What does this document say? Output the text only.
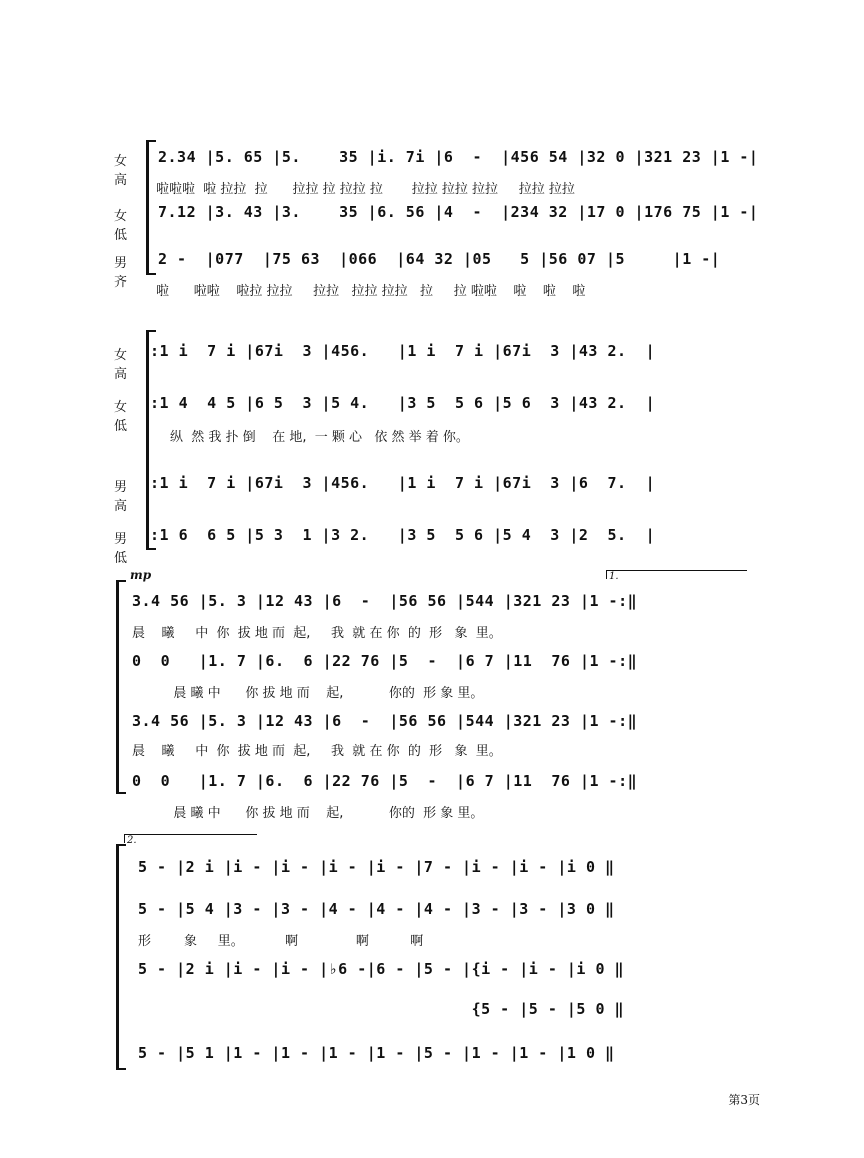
女高
2.34 |5. 65 |5.    35 |i. 7i |6  -  |456 54 |32 0 |321 23 |1 -|
啦啦啦  啦 拉拉  拉      拉拉 拉 拉拉 拉       拉拉 拉拉 拉拉     拉拉 拉拉
女低
7.12 |3. 43 |3.    35 |6. 56 |4  -  |234 32 |17 0 |176 75 |1 -|
男齐
2 -  |077  |75 63  |066  |64 32 |05   5 |56 07 |5     |1 -|
啦      啦啦    啦拉 拉拉     拉拉   拉拉 拉拉   拉     拉 啦啦    啦    啦    啦
女高
:1 i  7 i |67i  3 |456.   |1 i  7 i |67i  3 |43 2.  |
女低
:1 4  4 5 |6 5  3 |5 4.   |3 5  5 6 |5 6  3 |43 2.  |
纵  然 我 扑 倒    在 地,  一 颗 心   依 然 举 着 你。
男高
:1 i  7 i |67i  3 |456.   |1 i  7 i |67i  3 |6  7.  |
男低
:1 6  6 5 |5 3  1 |3 2.   |3 5  5 6 |5 4  3 |2  5.  |
mp	1.
3.4 56 |5. 3 |12 43 |6  -  |56 56 |544 |321 23 |1 -:‖
晨    曦     中  你  拔 地 而  起,     我  就 在 你  的  形   象  里。
0  0   |1. 7 |6.  6 |22 76 |5  -  |6 7 |11  76 |1 -:‖
晨 曦 中      你 拔 地 而    起,           你的  形 象 里。
3.4 56 |5. 3 |12 43 |6  -  |56 56 |544 |321 23 |1 -:‖
晨    曦     中  你  拔 地 而  起,     我  就 在 你  的  形   象  里。
0  0   |1. 7 |6.  6 |22 76 |5  -  |6 7 |11  76 |1 -:‖
晨 曦 中      你 拔 地 而    起,           你的  形 象 里。
2.
5 - |2 i |i - |i - |i - |i - |7 - |i - |i - |i 0 ‖
5 - |5 4 |3 - |3 - |4 - |4 - |4 - |3 - |3 - |3 0 ‖
形        象     里。          啊              啊          啊
5 - |2 i |i - |i - |♭6 -|6 - |5 - |{i - |i - |i 0 ‖
{5 - |5 - |5 0 ‖
5 - |5 1 |1 - |1 - |1 - |1 - |5 - |1 - |1 - |1 0 ‖
第3页
